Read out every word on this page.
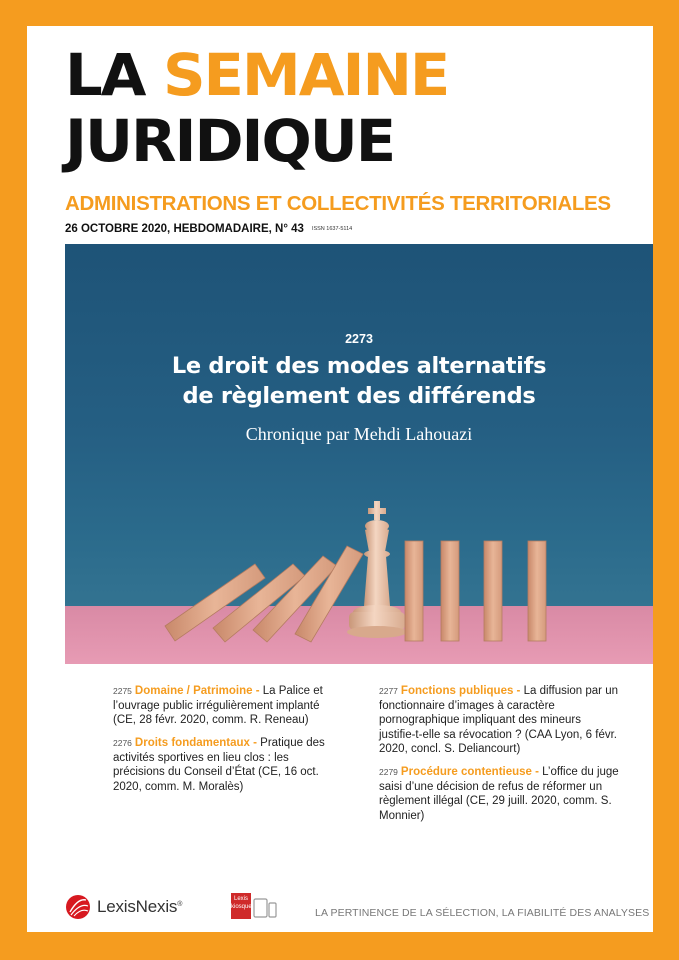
LA SEMAINE
JURIDIQUE
ADMINISTRATIONS ET COLLECTIVITÉS TERRITORIALES
26 OCTOBRE 2020, HEBDOMADAIRE, N° 43 ISSN 1637-5114
2273
Le droit des modes alternatifs
de règlement des différends
Chronique par Mehdi Lahouazi
2275 Domaine / Patrimoine - La Palice et l’ouvrage public irrégulièrement implanté (CE, 28 févr. 2020, comm. R. Reneau)
2276 Droits fondamentaux - Pratique des activités sportives en lieu clos : les précisions du Conseil d’État (CE, 16 oct. 2020, comm. M. Moralès)
2277 Fonctions publiques - La diffusion par un fonctionnaire d’images à caractère pornographique impliquant des mineurs justifie-t-elle sa révocation ? (CAA Lyon, 6 févr. 2020, concl. S. Deliancourt)
2279 Procédure contentieuse - L’office du juge saisi d’une décision de refus de réformer un règlement illégal (CE, 29 juill. 2020, comm. S. Monnier)
LexisNexis®
Lexis
kiosque	LA PERTINENCE DE LA SÉLECTION, LA FIABILITÉ DES ANALYSES
